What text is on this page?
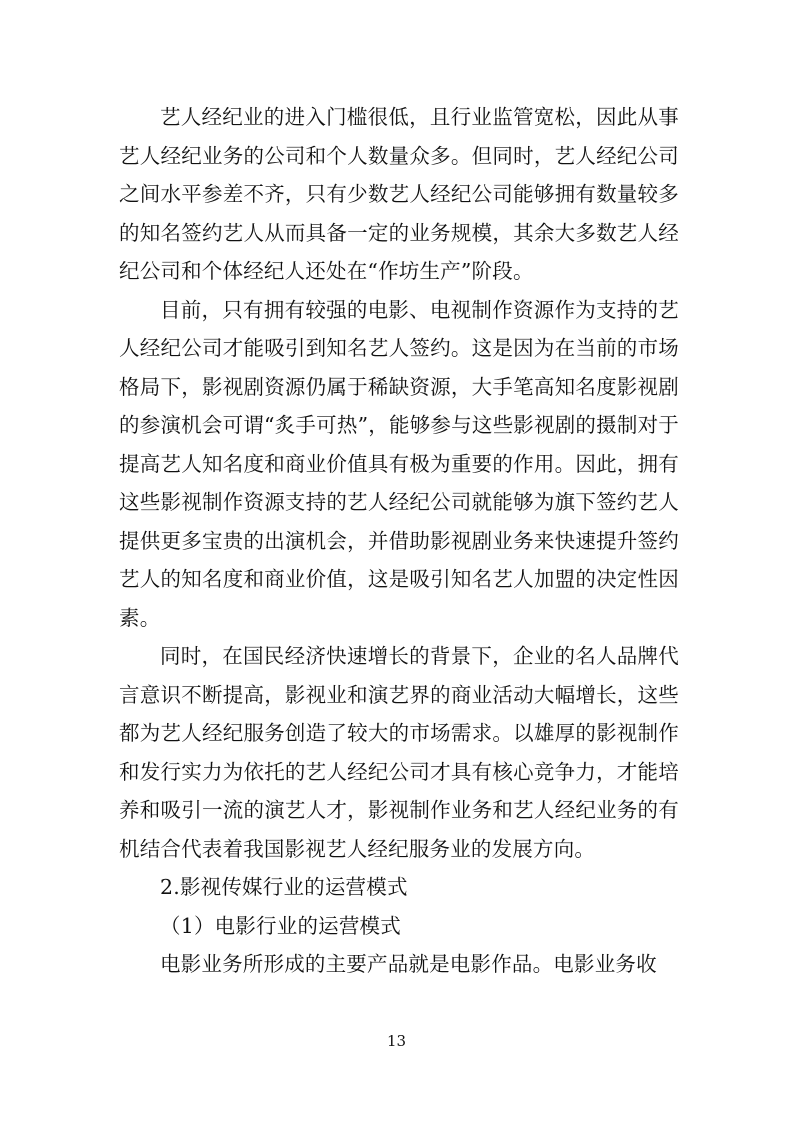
艺人经纪业的进入门槛很低，且行业监管宽松，因此从事艺人经纪业务的公司和个人数量众多。但同时，艺人经纪公司之间水平参差不齐，只有少数艺人经纪公司能够拥有数量较多的知名签约艺人从而具备一定的业务规模，其余大多数艺人经纪公司和个体经纪人还处在“作坊生产”阶段。

目前，只有拥有较强的电影、电视制作资源作为支持的艺人经纪公司才能吸引到知名艺人签约。这是因为在当前的市场格局下，影视剧资源仍属于稀缺资源，大手笔高知名度影视剧的参演机会可谓“炙手可热”，能够参与这些影视剧的摄制对于提高艺人知名度和商业价值具有极为重要的作用。因此，拥有这些影视制作资源支持的艺人经纪公司就能够为旗下签约艺人提供更多宝贵的出演机会，并借助影视剧业务来快速提升签约艺人的知名度和商业价值，这是吸引知名艺人加盟的决定性因素。

同时，在国民经济快速增长的背景下，企业的名人品牌代言意识不断提高，影视业和演艺界的商业活动大幅增长，这些都为艺人经纪服务创造了较大的市场需求。以雄厚的影视制作和发行实力为依托的艺人经纪公司才具有核心竞争力，才能培养和吸引一流的演艺人才，影视制作业务和艺人经纪业务的有机结合代表着我国影视艺人经纪服务业的发展方向。

2.影视传媒行业的运营模式

（1）电影行业的运营模式

电影业务所形成的主要产品就是电影作品。电影业务收

13
